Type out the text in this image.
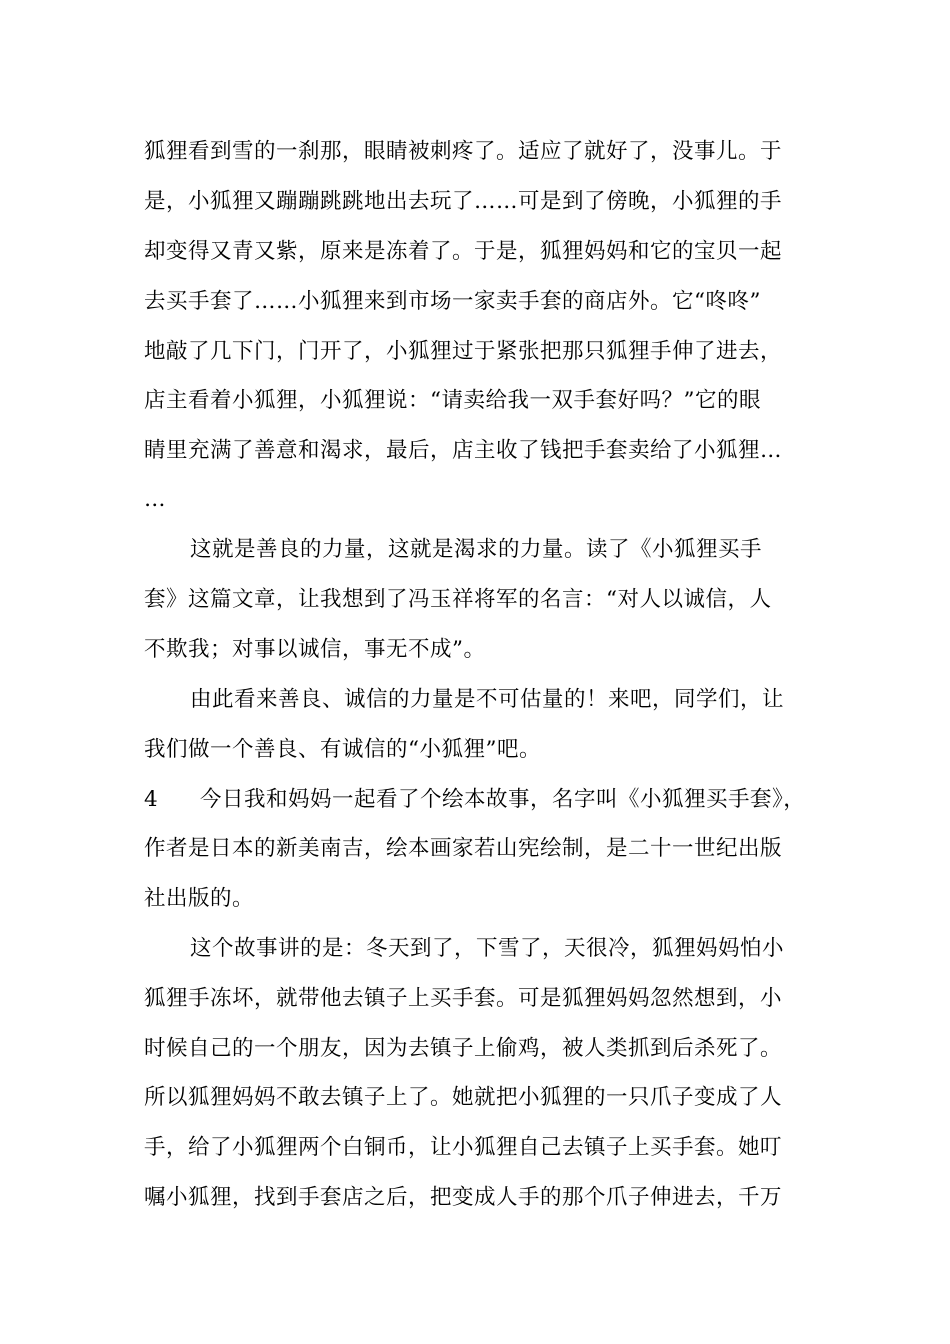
狐狸看到雪的一刹那，眼睛被刺疼了。适应了就好了，没事儿。于
是，小狐狸又蹦蹦跳跳地出去玩了……可是到了傍晚，小狐狸的手
却变得又青又紫，原来是冻着了。于是，狐狸妈妈和它的宝贝一起
去买手套了……小狐狸来到市场一家卖手套的商店外。它“咚咚”
地敲了几下门，门开了，小狐狸过于紧张把那只狐狸手伸了进去，
店主看着小狐狸，小狐狸说：“请卖给我一双手套好吗？”它的眼
睛里充满了善意和渴求，最后，店主收了钱把手套卖给了小狐狸…
…
这就是善良的力量，这就是渴求的力量。读了《小狐狸买手
套》这篇文章，让我想到了冯玉祥将军的名言：“对人以诚信，人
不欺我；对事以诚信，事无不成”。
由此看来善良、诚信的力量是不可估量的！来吧，同学们，让
我们做一个善良、有诚信的“小狐狸”吧。
4 今日我和妈妈一起看了个绘本故事，名字叫《小狐狸买手套》，
作者是日本的新美南吉，绘本画家若山宪绘制，是二十一世纪出版
社出版的。
这个故事讲的是：冬天到了，下雪了，天很冷，狐狸妈妈怕小
狐狸手冻坏，就带他去镇子上买手套。可是狐狸妈妈忽然想到，小
时候自己的一个朋友，因为去镇子上偷鸡，被人类抓到后杀死了。
所以狐狸妈妈不敢去镇子上了。她就把小狐狸的一只爪子变成了人
手，给了小狐狸两个白铜币，让小狐狸自己去镇子上买手套。她叮
嘱小狐狸，找到手套店之后，把变成人手的那个爪子伸进去，千万
